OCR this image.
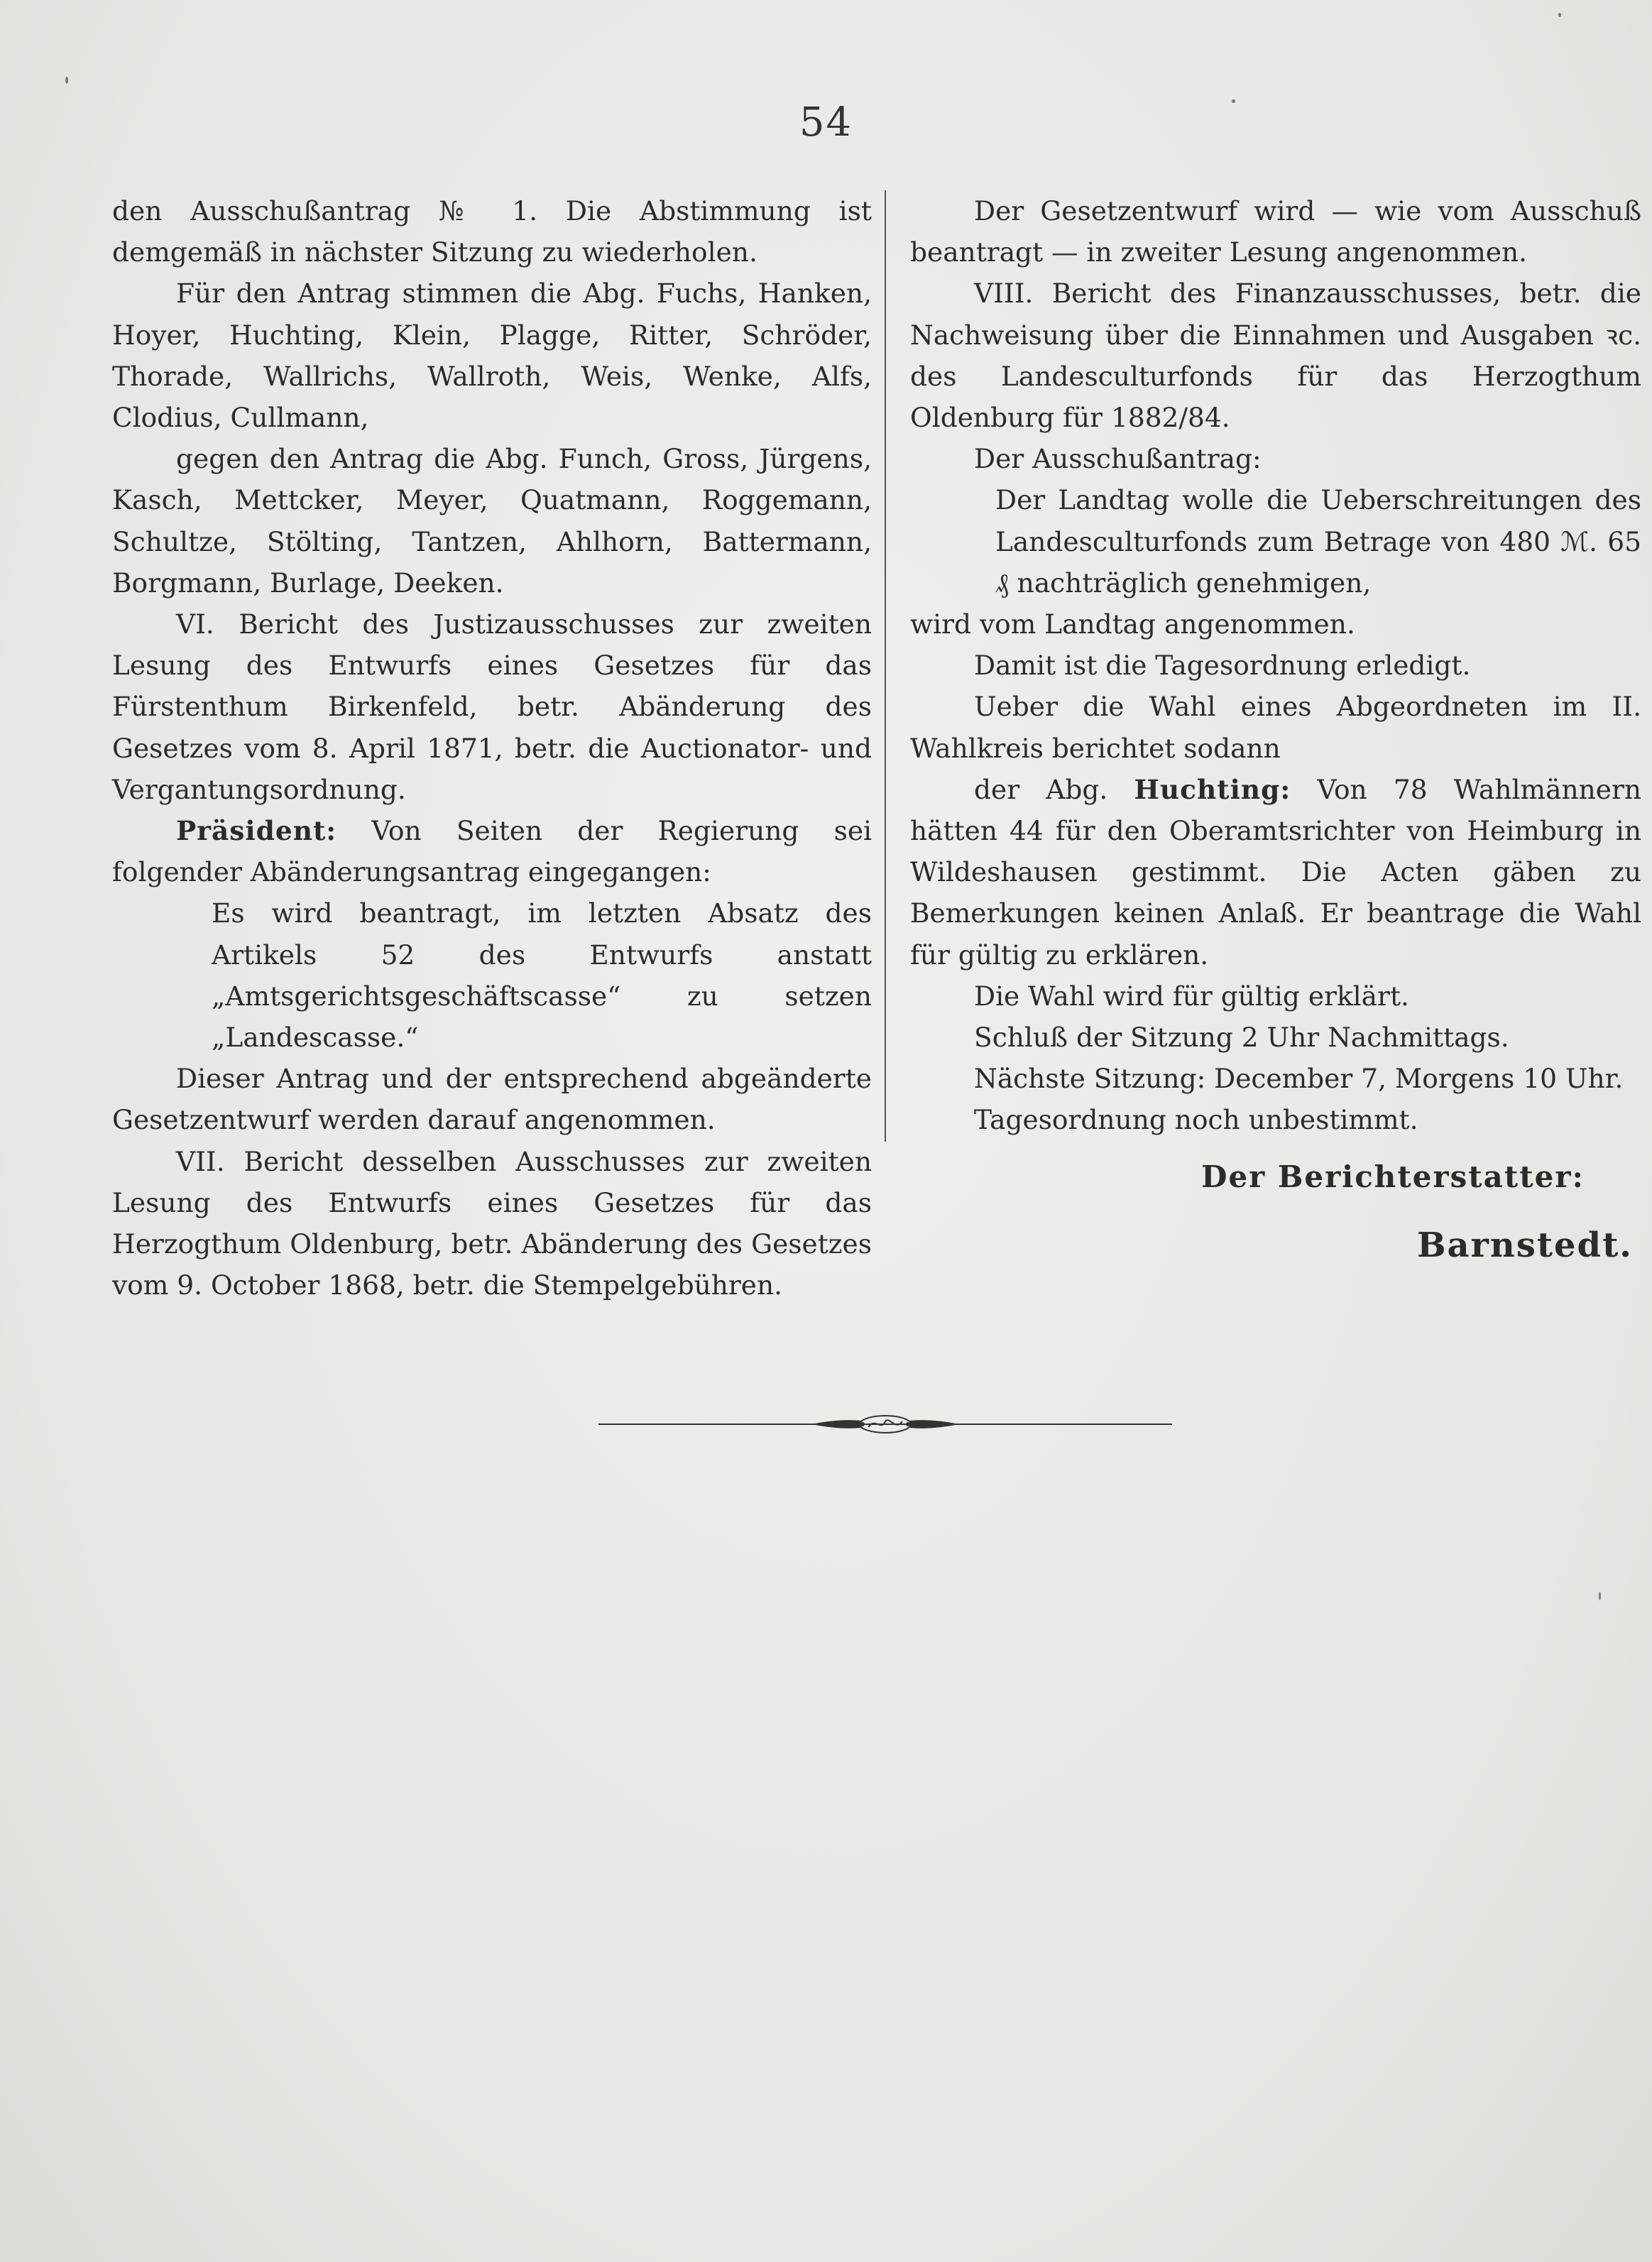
54

den Ausschußantrag № 1. Die Abstimmung ist demgemäß in nächster Sitzung zu wiederholen.

Für den Antrag stimmen die Abg. Fuchs, Hanken, Hoyer, Huchting, Klein, Plagge, Ritter, Schröder, Thorade, Wallrichs, Wallroth, Weis, Wenke, Alfs, Clodius, Cullmann,

gegen den Antrag die Abg. Funch, Gross, Jürgens, Kasch, Mettcker, Meyer, Quatmann, Roggemann, Schultze, Stölting, Tantzen, Ahlhorn, Battermann, Borgmann, Burlage, Deeken.

VI. Bericht des Justizausschusses zur zweiten Lesung des Entwurfs eines Gesetzes für das Fürstenthum Birkenfeld, betr. Abänderung des Gesetzes vom 8. April 1871, betr. die Auctionator- und Vergantungsordnung.

Präsident: Von Seiten der Regierung sei folgender Abänderungsantrag eingegangen:

Es wird beantragt, im letzten Absatz des Artikels 52 des Entwurfs anstatt „Amtsgerichtsgeschäftscasse“ zu setzen „Landescasse.“

Dieser Antrag und der entsprechend abgeänderte Gesetzentwurf werden darauf angenommen.

VII. Bericht desselben Ausschusses zur zweiten Lesung des Entwurfs eines Gesetzes für das Herzogthum Oldenburg, betr. Abänderung des Gesetzes vom 9. October 1868, betr. die Stempelgebühren.

Der Gesetzentwurf wird — wie vom Ausschuß beantragt — in zweiter Lesung angenommen.

VIII. Bericht des Finanzausschusses, betr. die Nachweisung über die Einnahmen und Ausgaben ꝛc. des Landesculturfonds für das Herzogthum Oldenburg für 1882/84.

Der Ausschußantrag:

Der Landtag wolle die Ueberschreitungen des Landesculturfonds zum Betrage von 480 ℳ. 65 ₰ nachträglich genehmigen,

wird vom Landtag angenommen.

Damit ist die Tagesordnung erledigt.

Ueber die Wahl eines Abgeordneten im II. Wahlkreis berichtet sodann

der Abg. Huchting: Von 78 Wahlmännern hätten 44 für den Oberamtsrichter von Heimburg in Wildeshausen gestimmt. Die Acten gäben zu Bemerkungen keinen Anlaß. Er beantrage die Wahl für gültig zu erklären.

Die Wahl wird für gültig erklärt.

Schluß der Sitzung 2 Uhr Nachmittags.

Nächste Sitzung: December 7, Morgens 10 Uhr.

Tagesordnung noch unbestimmt.

Der Berichterstatter:

Barnstedt.
